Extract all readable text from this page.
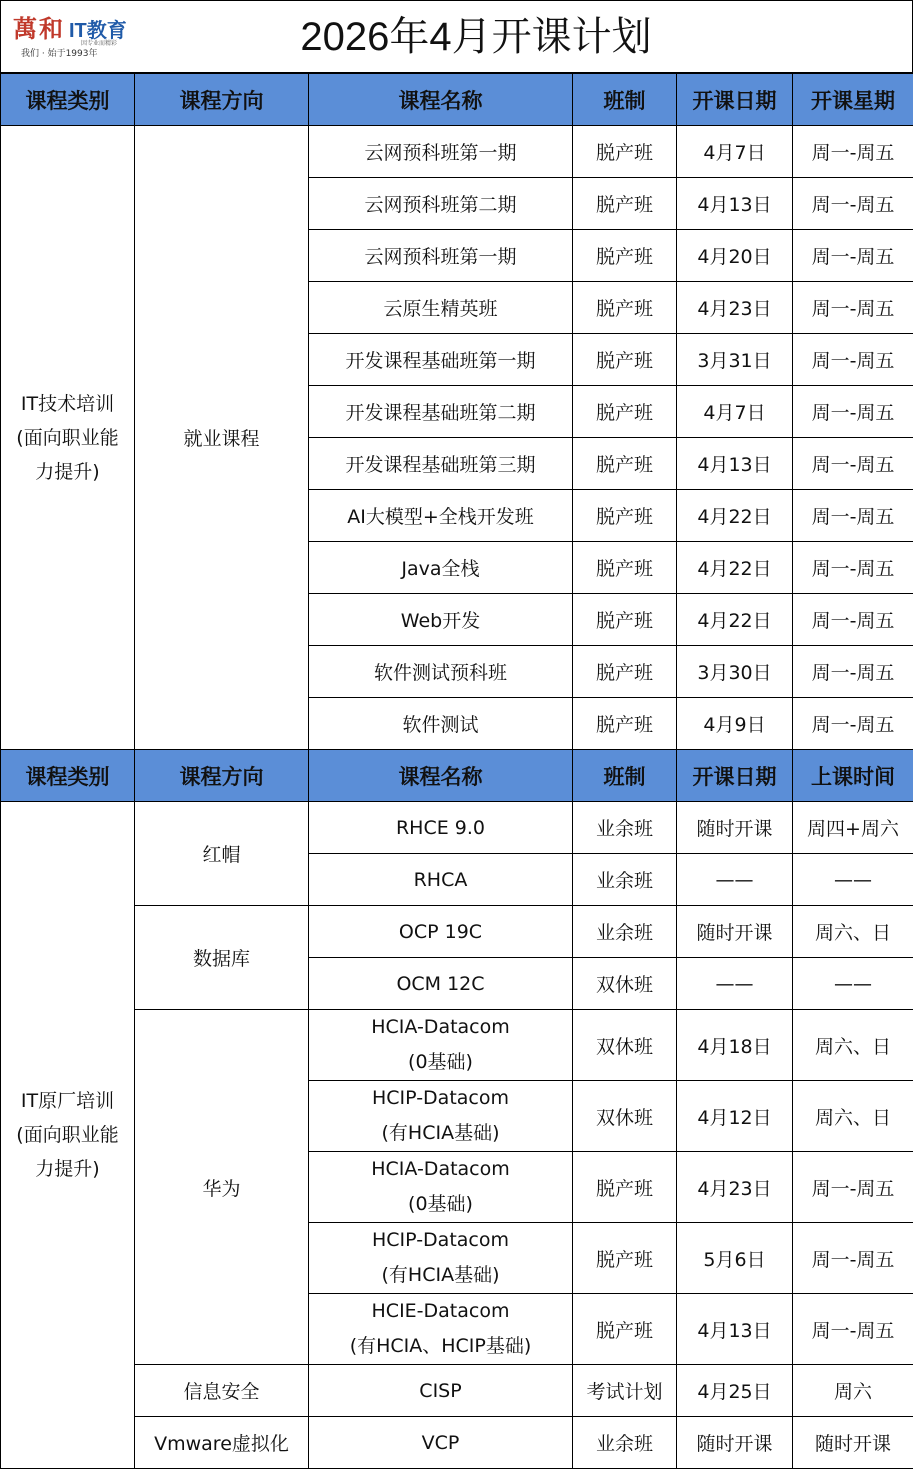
萬和 IT教育
因专业而精彩
我们 · 始于1993年	2026年4月开课计划
课程类别	课程方向	课程名称	班制	开课日期	开课星期

IT技术培训
(面向职业能
力提升)	就业课程	云网预科班第一期	脱产班	4月7日	周一-周五
		云网预科班第二期	脱产班	4月13日	周一-周五
		云网预科班第一期	脱产班	4月20日	周一-周五
		云原生精英班	脱产班	4月23日	周一-周五
		开发课程基础班第一期	脱产班	3月31日	周一-周五
		开发课程基础班第二期	脱产班	4月7日	周一-周五
		开发课程基础班第三期	脱产班	4月13日	周一-周五
		AI大模型+全栈开发班	脱产班	4月22日	周一-周五
		Java全栈	脱产班	4月22日	周一-周五
		Web开发	脱产班	4月22日	周一-周五
		软件测试预科班	脱产班	3月30日	周一-周五
		软件测试	脱产班	4月9日	周一-周五
课程类别	课程方向	课程名称	班制	开课日期	上课时间

IT原厂培训
(面向职业能
力提升)	红帽	RHCE 9.0	业余班	随时开课	周四+周六

		RHCA	业余班	——	——
	数据库	OCP 19C	业余班	随时开课	周六、日

		OCM 12C	双休班	——	——
	华为	HCIA-Datacom
(0基础)	双休班	4月18日	周六、日

		HCIP-Datacom
(有HCIA基础)	双休班	4月12日	周六、日

		HCIA-Datacom
(0基础)	脱产班	4月23日	周一-周五

		HCIP-Datacom
(有HCIA基础)	脱产班	5月6日	周一-周五

		HCIE-Datacom
(有HCIA、HCIP基础)	脱产班	4月13日	周一-周五
	信息安全	CISP	考试计划	4月25日	周六
	Vmware虚拟化	VCP	业余班	随时开课	随时开课
